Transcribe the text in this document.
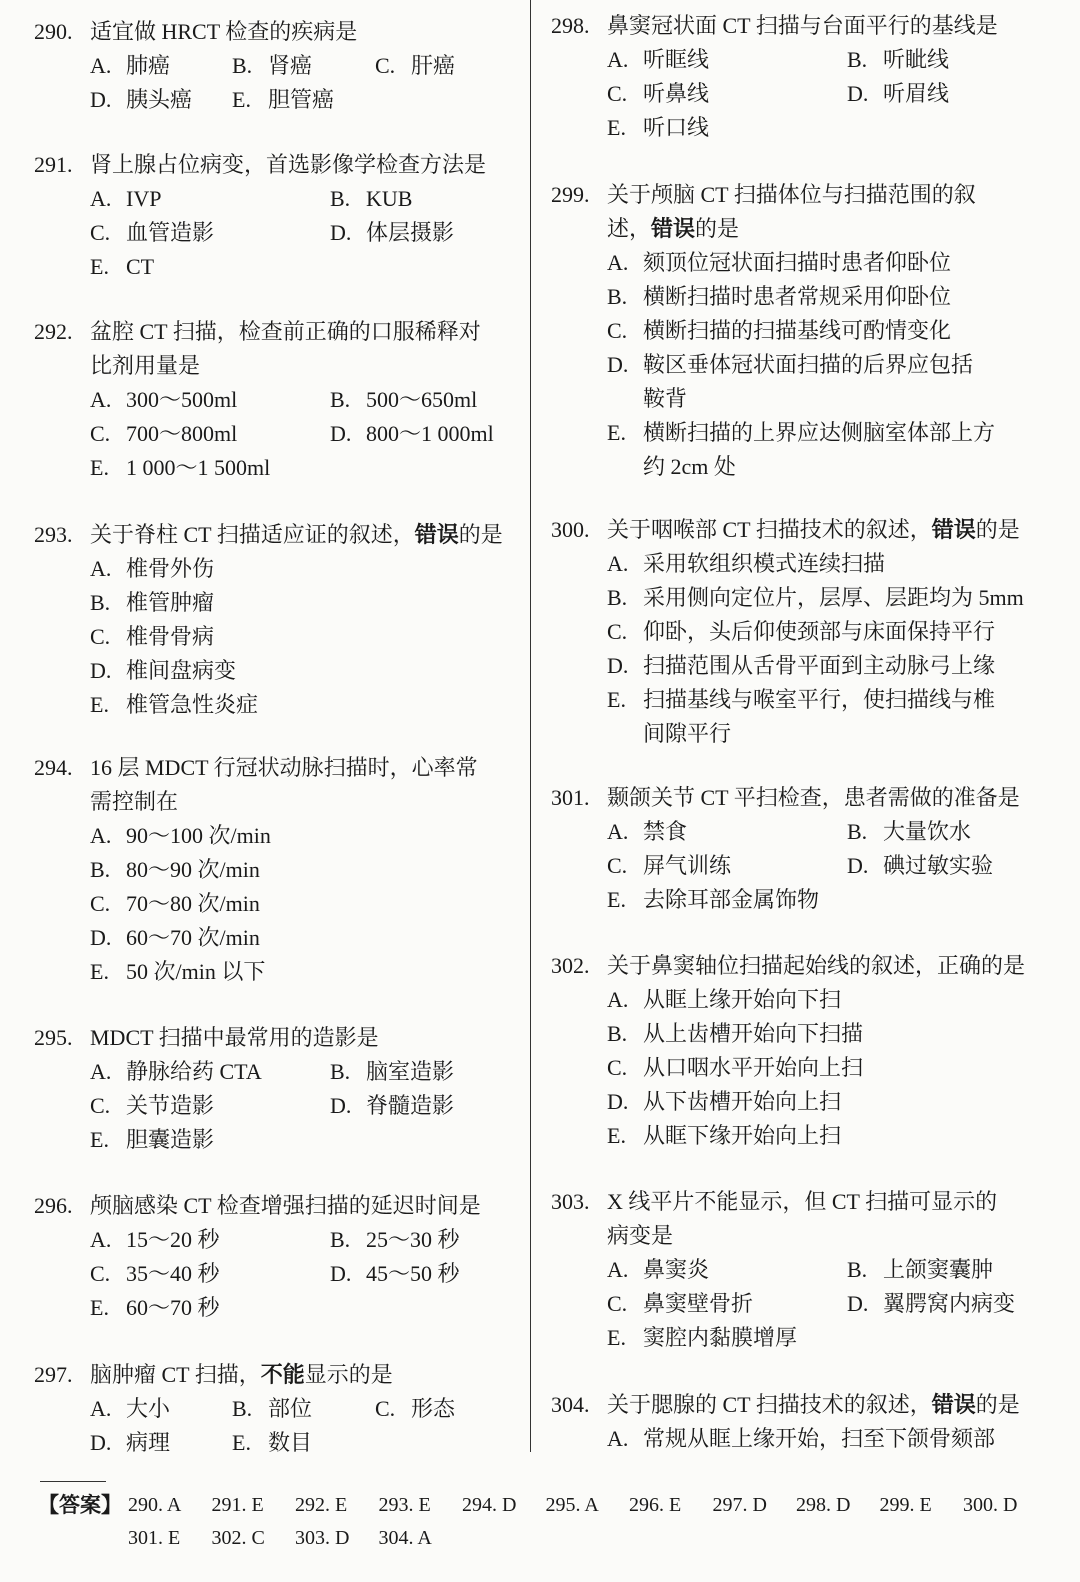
290. 适宜做 HRCT 检查的疾病是
A. 肺癌	B. 肾癌	C. 肝癌
D. 胰头癌 E. 胆管癌
291. 肾上腺占位病变，首选影像学检查方法是
A. IVP	B. KUB
C. 血管造影	D. 体层摄影
E. CT
292. 盆腔 CT 扫描，检查前正确的口服稀释对
比剂用量是
A. 300～500ml	B. 500～650ml
C. 700～800ml	D. 800～1 000ml
E. 1 000～1 500ml
293. 关于脊柱 CT 扫描适应证的叙述，错误的是
A. 椎骨外伤
B. 椎管肿瘤
C. 椎骨骨病
D. 椎间盘病变
E. 椎管急性炎症
294. 16 层 MDCT 行冠状动脉扫描时，心率常
需控制在
A. 90～100 次/min
B. 80～90 次/min
C. 70～80 次/min
D. 60～70 次/min
E. 50 次/min 以下
295. MDCT 扫描中最常用的造影是
A. 静脉给药 CTA	B. 脑室造影
C. 关节造影	D. 脊髓造影
E. 胆囊造影
296. 颅脑感染 CT 检查增强扫描的延迟时间是
A. 15～20 秒	B. 25～30 秒
C. 35～40 秒	D. 45～50 秒
E. 60～70 秒
297. 脑肿瘤 CT 扫描，不能显示的是
A. 大小	B. 部位	C. 形态
D. 病理	E. 数目
298. 鼻窦冠状面 CT 扫描与台面平行的基线是
A. 听眶线	B. 听眦线
C. 听鼻线	D. 听眉线
E. 听口线
299. 关于颅脑 CT 扫描体位与扫描范围的叙
述，错误的是
A. 颏顶位冠状面扫描时患者仰卧位
B. 横断扫描时患者常规采用仰卧位
C. 横断扫描的扫描基线可酌情变化
D. 鞍区垂体冠状面扫描的后界应包括
鞍背
E. 横断扫描的上界应达侧脑室体部上方
约 2cm 处
300. 关于咽喉部 CT 扫描技术的叙述，错误的是
A. 采用软组织模式连续扫描
B. 采用侧向定位片，层厚、层距均为 5mm
C. 仰卧，头后仰使颈部与床面保持平行
D. 扫描范围从舌骨平面到主动脉弓上缘
E. 扫描基线与喉室平行，使扫描线与椎
间隙平行
301. 颞颌关节 CT 平扫检查，患者需做的准备是
A. 禁食	B. 大量饮水
C. 屏气训练	D. 碘过敏实验
E. 去除耳部金属饰物
302. 关于鼻窦轴位扫描起始线的叙述，正确的是
A. 从眶上缘开始向下扫
B. 从上齿槽开始向下扫描
C. 从口咽水平开始向上扫
D. 从下齿槽开始向上扫
E. 从眶下缘开始向上扫
303. X 线平片不能显示，但 CT 扫描可显示的
病变是
A. 鼻窦炎	B. 上颌窦囊肿
C. 鼻窦壁骨折	D. 翼腭窝内病变
E. 窦腔内黏膜增厚
304. 关于腮腺的 CT 扫描技术的叙述，错误的是
A. 常规从眶上缘开始，扫至下颌骨颏部
【答案】 290. A 291. E 292. E 293. E 294. D 295. A 296. E 297. D 298. D 299. E 300. D
301. E 302. C 303. D 304. A
